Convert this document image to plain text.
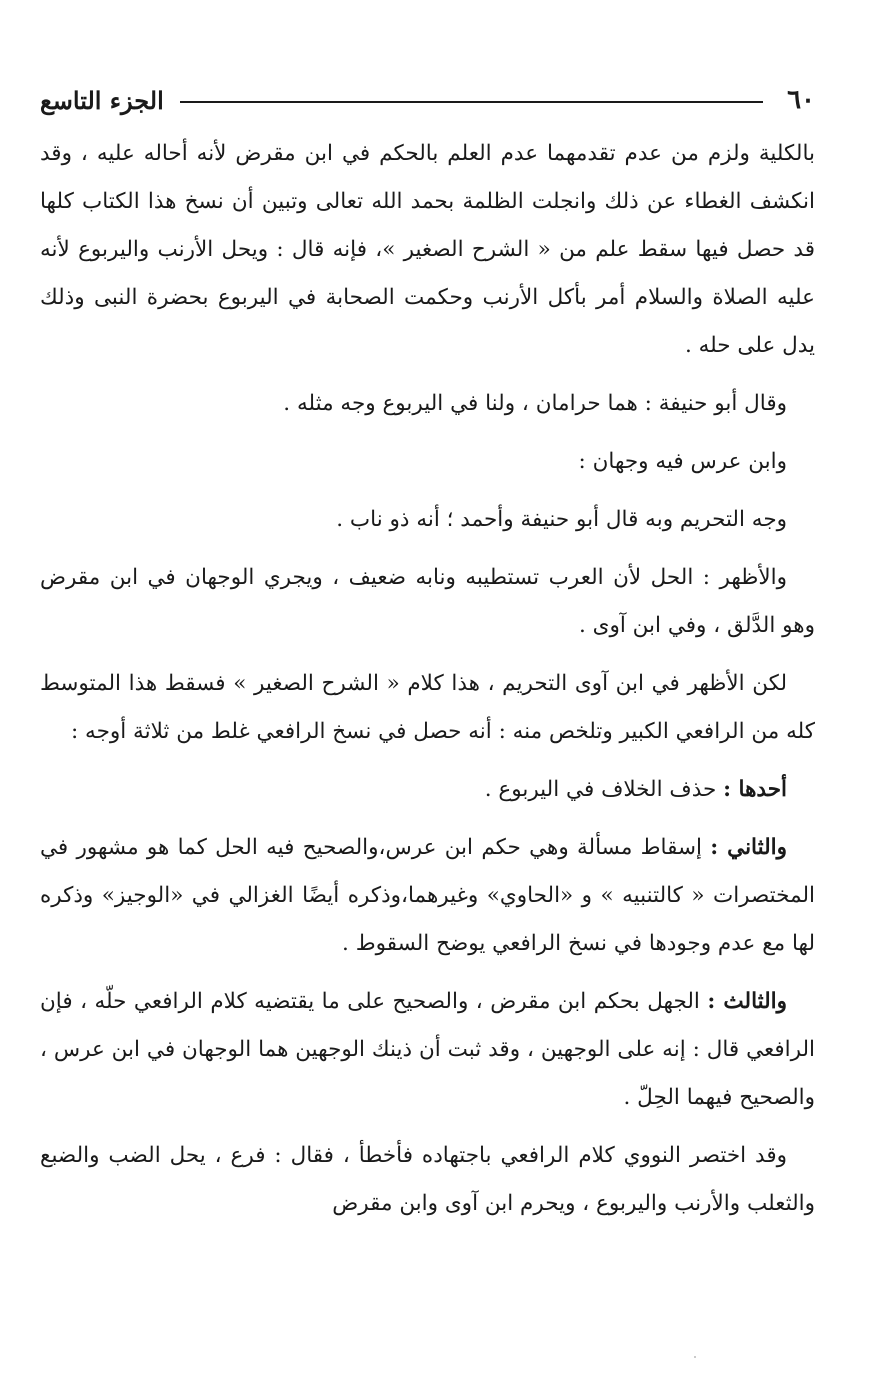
٦٠
الجزء التاسع

بالكلية ولزم من عدم تقدمهما عدم العلم بالحكم في ابن مقرض لأنه أحاله عليه ، وقد انكشف الغطاء عن ذلك وانجلت الظلمة بحمد الله تعالى وتبين أن نسخ هذا الكتاب كلها قد حصل فيها سقط علم من « الشرح الصغير »، فإنه قال : ويحل الأرنب واليربوع لأنه عليه الصلاة والسلام أمر بأكل الأرنب وحكمت الصحابة في اليربوع بحضرة النبى وذلك يدل على حله .

وقال أبو حنيفة : هما حرامان ، ولنا في اليربوع وجه مثله .

وابن عرس فيه وجهان :

وجه التحريم وبه قال أبو حنيفة وأحمد ؛ أنه ذو ناب .

والأظهر : الحل لأن العرب تستطيبه ونابه ضعيف ، ويجري الوجهان في ابن مقرض وهو الدَّلق ، وفي ابن آوى .

لكن الأظهر في ابن آوى التحريم ، هذا كلام « الشرح الصغير » فسقط هذا المتوسط كله من الرافعي الكبير وتلخص منه : أنه حصل في نسخ الرافعي غلط من ثلاثة أوجه :

أحدها : حذف الخلاف في اليربوع .

والثاني : إسقاط مسألة وهي حكم ابن عرس،والصحيح فيه الحل كما هو مشهور في المختصرات « كالتنبيه » و «الحاوي» وغيرهما،وذكره أيضًا الغزالي في «الوجيز» وذكره لها مع عدم وجودها في نسخ الرافعي يوضح السقوط .

والثالث : الجهل بحكم ابن مقرض ، والصحيح على ما يقتضيه كلام الرافعي حلّه ، فإن الرافعي قال : إنه على الوجهين ، وقد ثبت أن ذينك الوجهين هما الوجهان في ابن عرس ، والصحيح فيهما الحِلّ .

وقد اختصر النووي كلام الرافعي باجتهاده فأخطأ ، فقال : فرع ، يحل الضب والضبع والثعلب والأرنب واليربوع ، ويحرم ابن آوى وابن مقرض
